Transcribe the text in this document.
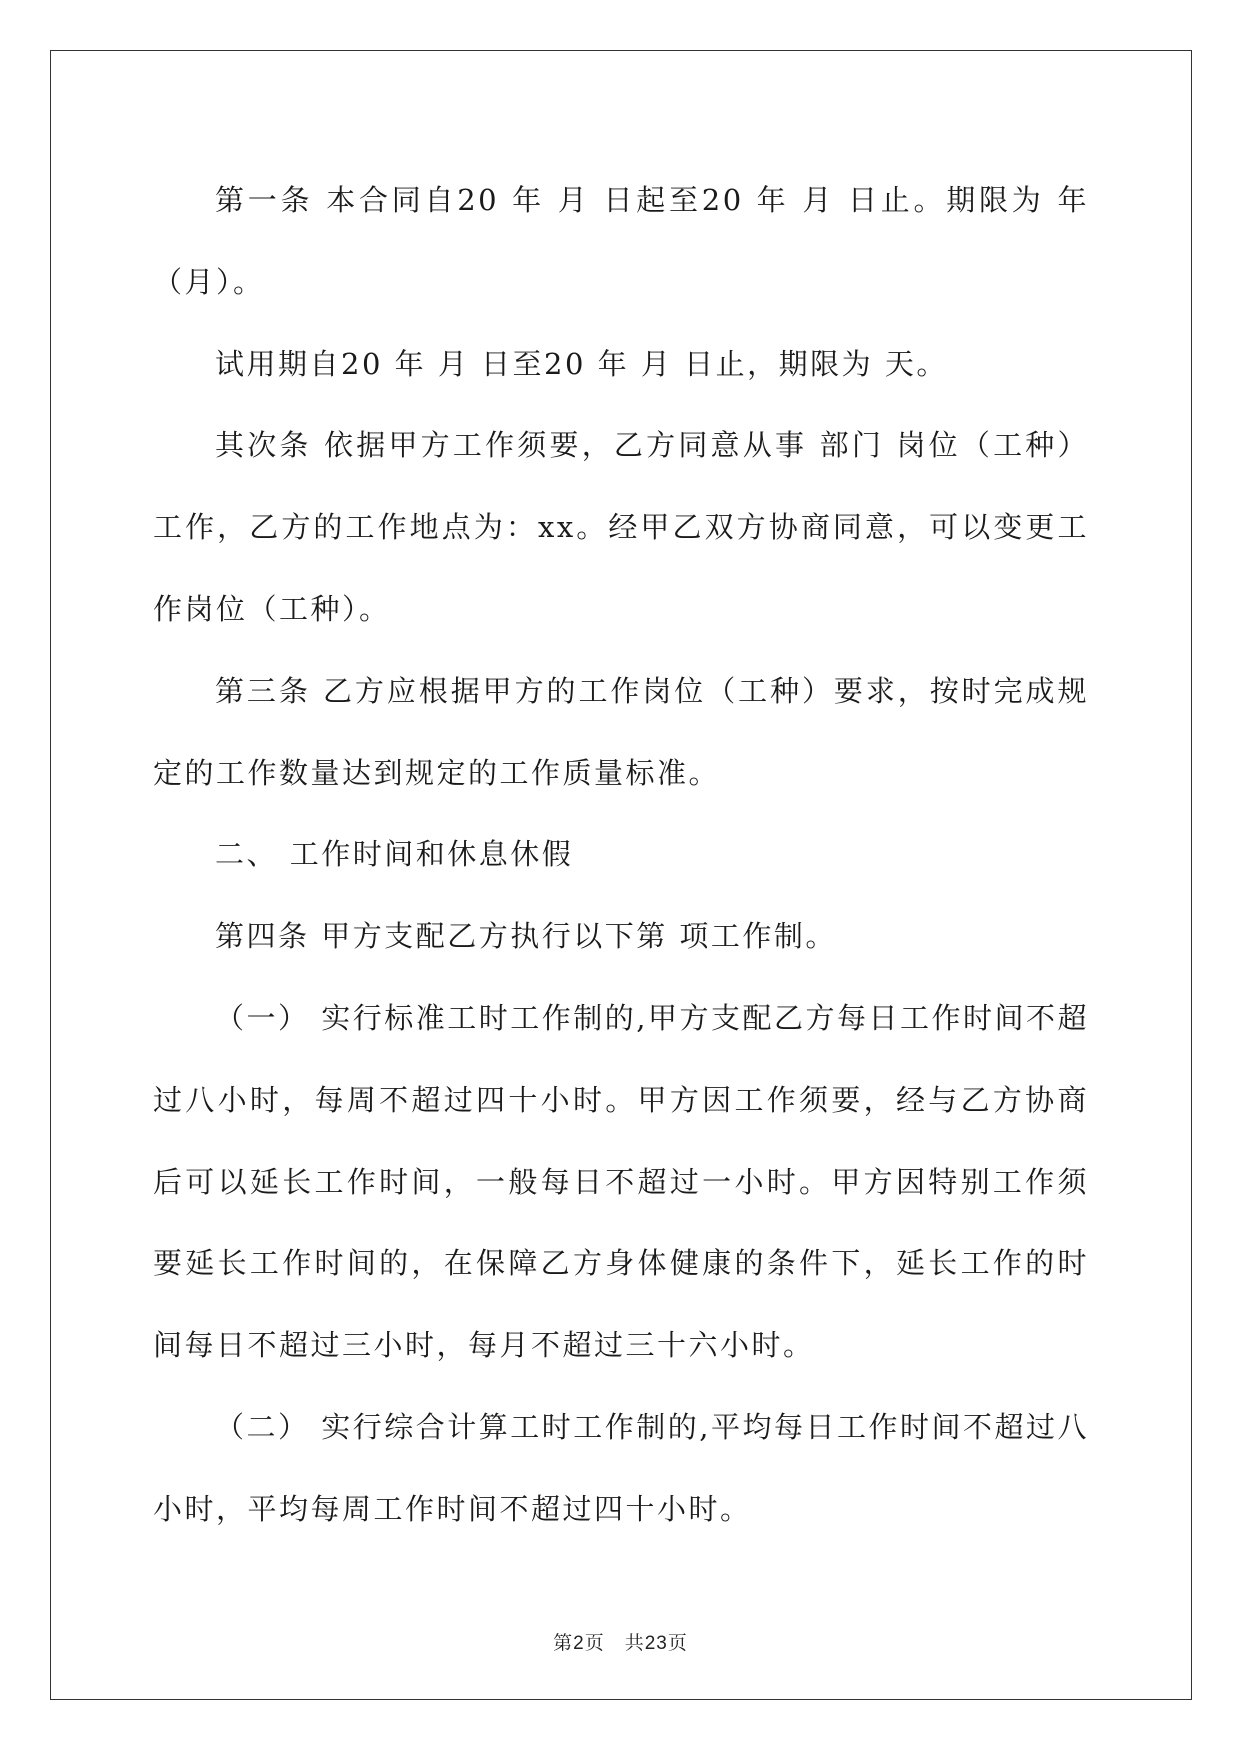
第一条 本合同自20 年 月 日起至20 年 月 日止。期限为 年（月）。

试用期自20 年 月 日至20 年 月 日止，期限为 天。

其次条 依据甲方工作须要，乙方同意从事 部门 岗位（工种）工作，乙方的工作地点为：xx。经甲乙双方协商同意，可以变更工作岗位（工种）。

第三条 乙方应根据甲方的工作岗位（工种）要求，按时完成规定的工作数量达到规定的工作质量标准。

二、 工作时间和休息休假

第四条 甲方支配乙方执行以下第 项工作制。

（一） 实行标准工时工作制的,甲方支配乙方每日工作时间不超过八小时，每周不超过四十小时。甲方因工作须要，经与乙方协商后可以延长工作时间，一般每日不超过一小时。甲方因特别工作须要延长工作时间的，在保障乙方身体健康的条件下，延长工作的时间每日不超过三小时，每月不超过三十六小时。

（二） 实行综合计算工时工作制的,平均每日工作时间不超过八小时，平均每周工作时间不超过四十小时。

第2页　共23页
